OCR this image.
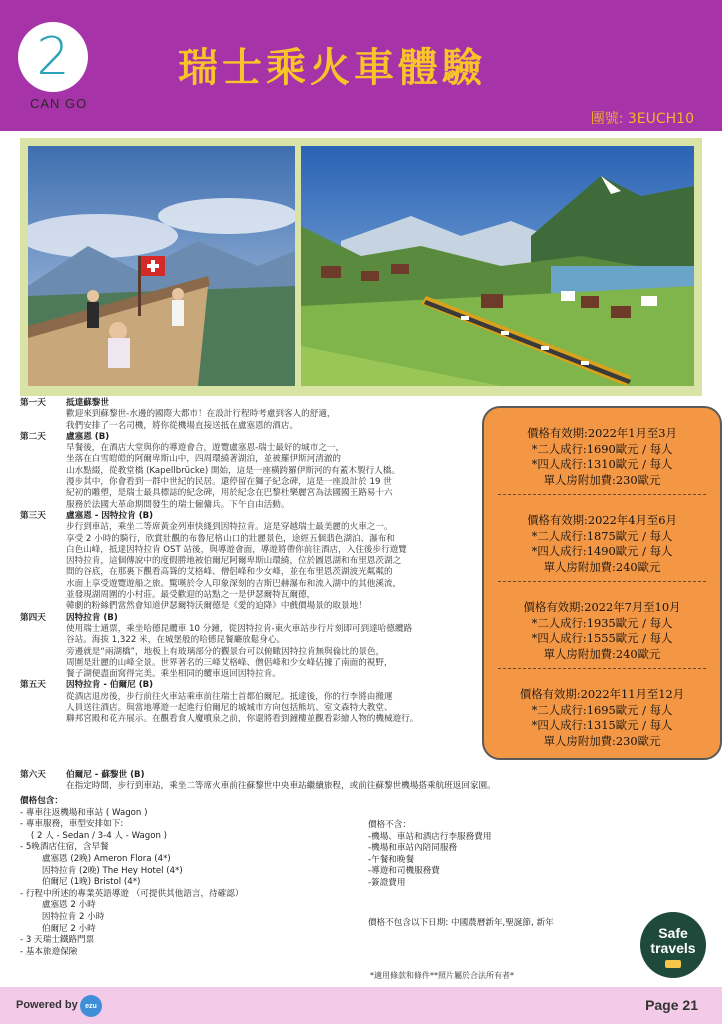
2
CAN GO
瑞士乘火車體驗
團號: 3EUCH10
第一天	抵達蘇黎世
歡迎來到蘇黎世-水邊的國際大都市！在設計行程時考慮到客人的舒適，
我們安排了一名司機，將你從機場直接送抵在盧塞恩的酒店。
第二天	盧塞恩 (B)
早餐後，在酒店大堂與你的導遊會合，遊覽盧塞恩-瑞士最好的城市之一，
坐落在白雪皚皚的阿爾卑斯山中，四周環繞著湖泊，並被羅伊斯河清澈的
山水點綴，從教堂橋 (Kapellbrücke) 開始，這是一座橫跨羅伊斯河的有蓋木製行人橋。
漫步其中，你會看到一群中世紀的民居。還停留在獅子紀念碑，這是一座設計於 19 世
紀初的雕塑，是瑞士最具標誌的紀念碑，用於紀念在巴黎杜樂麗宮為法國國王路易十六
服務於法國大革命期間發生的瑞士僱傭兵。下午自由活動。
第三天	盧塞恩 - 因特拉肯 (B)
步行到車站，乘坐二等席黃金列車快綫到因特拉肯。這是穿越瑞士最美麗的火車之一。
享受 2 小時的騎行，欣賞壯觀的布魯尼格山口的壯麗景色，途經五個翡色湖泊、瀑布和
白色山峰，抵達因特拉肯 OST 站後，與導遊會面，導遊將帶你前往酒店，入住後步行遊覽
因特拉肯，這個傳說中的度假勝地被伯爾尼阿爾卑斯山環繞，位於圖恩湖和布里恩茨湖之
間的谷底，在那裏下觀看高聳的艾格峰、僧侶峰和少女峰，並在布里恩茨湖波光粼粼的
水面上享受遊覽遊船之旅。驚嘆於令人印象深刻的吉斯巴赫瀑布和流入湖中的其他溪流，
並發現湖周圍的小村莊。最受歡迎的站點之一是伊瑟爾特瓦爾德，
韓劇的粉絲們當然會知道伊瑟爾特沃爾德是《愛的迫降》中戲價場景的取景地！
第四天	因特拉肯 (B)
使用瑞士通票，乘坐哈德昆纜車 10 分鐘，從因特拉肯-東火車站步行片刻即可到達哈德纜路
谷站。海拔 1,322 米，在城堡般的哈德昆餐廳放鬆身心。
旁邊就是“兩湖橋”，地板上有玻璃部分的觀景台可以俯瞰因特拉肯無與倫比的景色，
周圍是壯麗的山峰全景。世界著名的三峰艾格峰、僧侶峰和少女峰佔據了南面的視野，
餐子湖便盡面窝得完美。乘坐相同的纜車返回因特拉肯。
第五天	因特拉肯 - 伯爾尼 (B)
從酒店退房後，步行前往火車站乘車前往瑞士首都伯爾尼。抵達後，你的行李將由搬運
人員送往酒店。與當地導遊一起進行伯爾尼的城城市方向包括熊坑、室文森特大教堂、
聯邦宮殿和花卉展示。在觀看食人魔噴泉之前，你還將看到鐘樓並觀看彩繪人物的機械遊行。
第六天	伯爾尼 - 蘇黎世 (B)
在指定時間，步行到車站，乘坐二等席火車前往蘇黎世中央車站繼續旅程，或前往蘇黎世機場搭乘航班返回家園。
價格有效期:2022年1月至3月
*二人成行:1690歐元 / 每人
*四人成行:1310歐元 / 每人
單人房附加費:230歐元
價格有效期:2022年4月至6月
*二人成行:1875歐元 / 每人
*四人成行:1490歐元 / 每人
單人房附加費:240歐元
價格有效期:2022年7月至10月
*二人成行:1935歐元 / 每人
*四人成行:1555歐元 / 每人
單人房附加費:240歐元
價格有效期:2022年11月至12月
*二人成行:1695歐元 / 每人
*四人成行:1315歐元 / 每人
單人房附加費:230歐元
價格包含：
- 專車往返機場和車站 ( Wagon )
- 專車服務，車型安排如下:
( 2 人 - Sedan / 3-4 人 - Wagon )
- 5晚酒店住宿，含早餐
盧塞恩 (2晚) Ameron Flora (4*)
因特拉肯 (2晚) The Hey Hotel (4*)
伯爾尼 (1晚) Bristol (4*)
- 行程中所述的專業英語導遊 （可提供其他語言，待確認）
盧塞恩 2 小時
因特拉肯 2 小時
伯爾尼 2 小時
- 3 天瑞士鐵路門票
- 基本旅遊保險
價格不含：
-機場、車站和酒店行李服務費用
-機場和車站內陪同服務
-午餐和晚餐
-導遊和司機服務費
-簽證費用
價格不包含以下日期: 中國農曆新年,聖誕節, 新年
Safe
travels
*適用條款和條件**照片屬於合法所有者*
Powered by	ezu	Page 21
